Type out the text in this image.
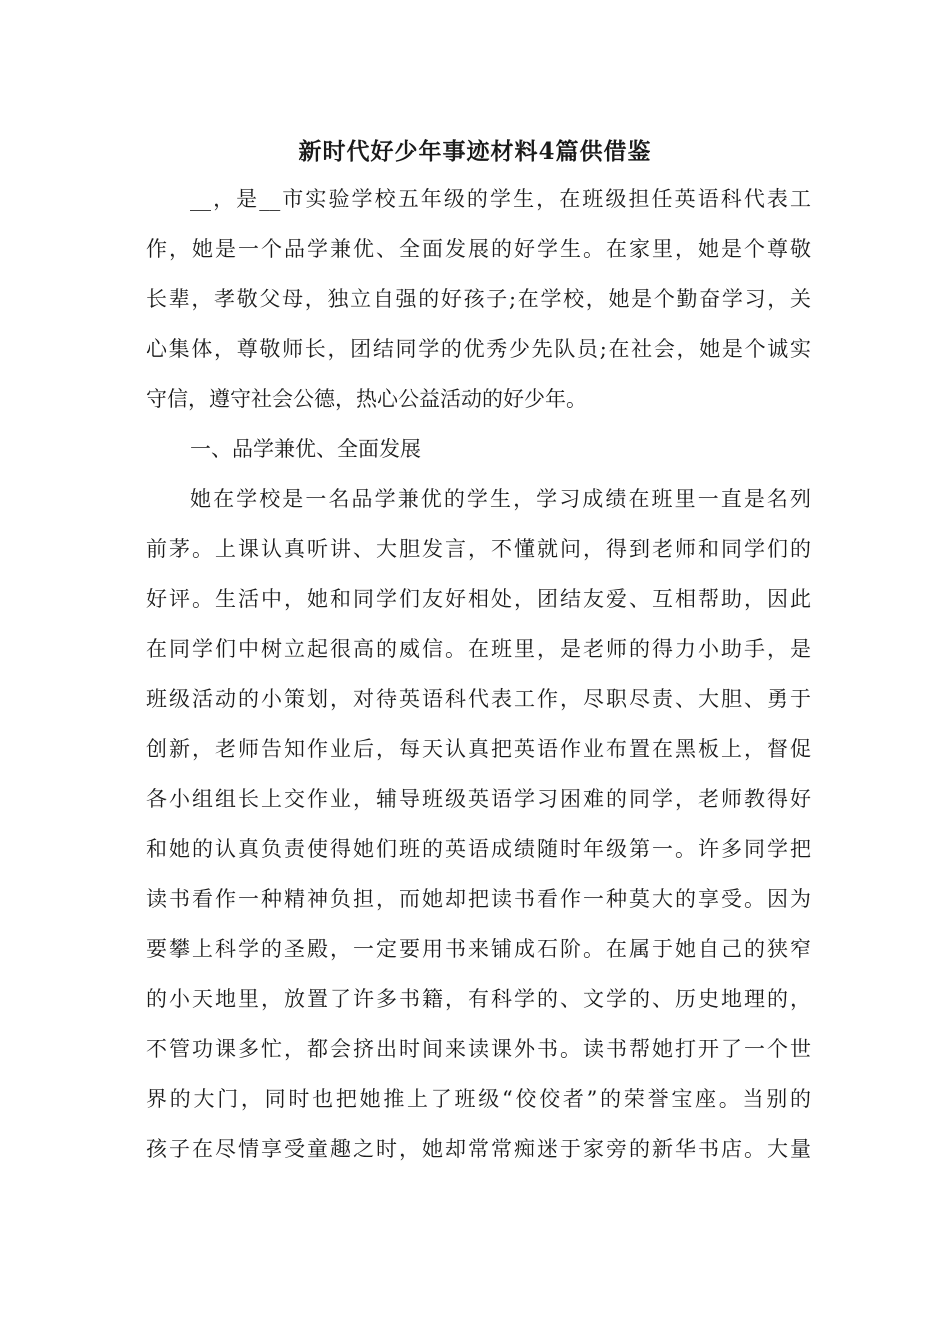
新时代好少年事迹材料4篇供借鉴
__，是__市实验学校五年级的学生，在班级担任英语科代表工
作，她是一个品学兼优、全面发展的好学生。在家里，她是个尊敬
长辈，孝敬父母，独立自强的好孩子;在学校，她是个勤奋学习，关
心集体，尊敬师长，团结同学的优秀少先队员;在社会，她是个诚实
守信，遵守社会公德，热心公益活动的好少年。
一、品学兼优、全面发展
她在学校是一名品学兼优的学生，学习成绩在班里一直是名列
前茅。上课认真听讲、大胆发言，不懂就问，得到老师和同学们的
好评。生活中，她和同学们友好相处，团结友爱、互相帮助，因此
在同学们中树立起很高的威信。在班里，是老师的得力小助手，是
班级活动的小策划，对待英语科代表工作，尽职尽责、大胆、勇于
创新，老师告知作业后，每天认真把英语作业布置在黑板上，督促
各小组组长上交作业，辅导班级英语学习困难的同学，老师教得好
和她的认真负责使得她们班的英语成绩随时年级第一。许多同学把
读书看作一种精神负担，而她却把读书看作一种莫大的享受。因为
要攀上科学的圣殿，一定要用书来铺成石阶。在属于她自己的狭窄
的小天地里，放置了许多书籍，有科学的、文学的、历史地理的，
不管功课多忙，都会挤出时间来读课外书。读书帮她打开了一个世
界的大门，同时也把她推上了班级“佼佼者”的荣誉宝座。当别的
孩子在尽情享受童趣之时，她却常常痴迷于家旁的新华书店。大量
